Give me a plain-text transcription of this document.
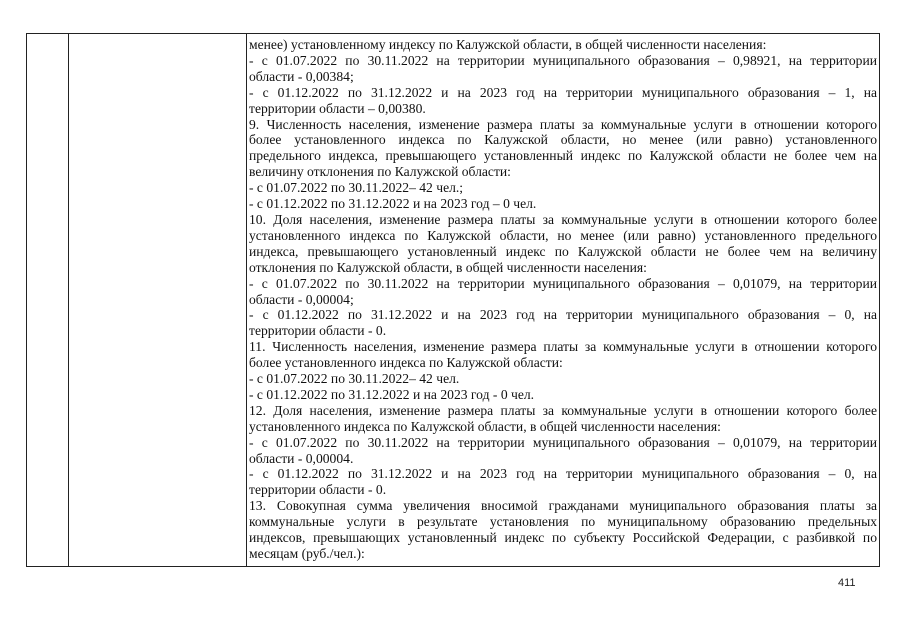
менее) установленному индексу по Калужской области, в общей численности населения:
- с 01.07.2022 по 30.11.2022 на территории муниципального образования – 0,98921, на территории
области - 0,00384;
- с 01.12.2022 по 31.12.2022 и на 2023 год на территории муниципального образования – 1, на
территории области – 0,00380.
9. Численность населения, изменение размера платы за коммунальные услуги в отношении которого
более установленного индекса по Калужской области, но менее (или равно) установленного
предельного индекса, превышающего установленный индекс по Калужской области не более чем на
величину отклонения по Калужской области:
- с 01.07.2022 по 30.11.2022– 42 чел.;
- с 01.12.2022 по 31.12.2022 и на 2023 год – 0 чел.
10. Доля населения, изменение размера платы за коммунальные услуги в отношении которого более
установленного индекса по Калужской области, но менее (или равно) установленного предельного
индекса, превышающего установленный индекс по Калужской области не более чем на величину
отклонения по Калужской области, в общей численности населения:
- с 01.07.2022 по 30.11.2022 на территории муниципального образования – 0,01079, на территории
области - 0,00004;
- с 01.12.2022 по 31.12.2022 и на 2023 год на территории муниципального образования – 0, на
территории области - 0.
11. Численность населения, изменение размера платы за коммунальные услуги в отношении которого
более установленного индекса по Калужской области:
- с 01.07.2022 по 30.11.2022– 42 чел.
- с 01.12.2022 по 31.12.2022 и на 2023 год - 0 чел.
12. Доля населения, изменение размера платы за коммунальные услуги в отношении которого более
установленного индекса по Калужской области, в общей численности населения:
- с 01.07.2022 по 30.11.2022 на территории муниципального образования – 0,01079, на территории
области - 0,00004.
- с 01.12.2022 по 31.12.2022 и на 2023 год на территории муниципального образования – 0, на
территории области - 0.
13. Совокупная сумма увеличения вносимой гражданами муниципального образования платы за
коммунальные услуги в результате установления по муниципальному образованию предельных
индексов, превышающих установленный индекс по субъекту Российской Федерации, с разбивкой по
месяцам (руб./чел.):
411
